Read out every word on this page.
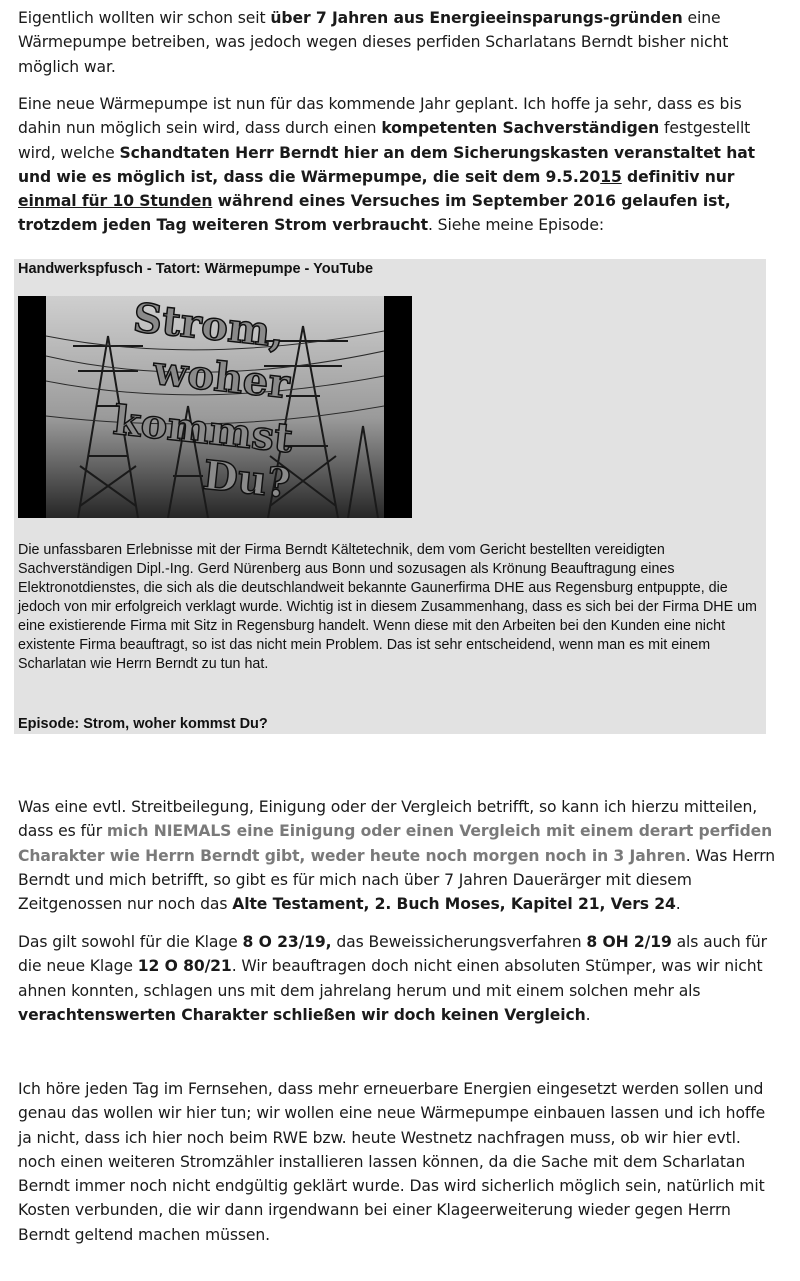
Eigentlich wollten wir schon seit über 7 Jahren aus Energieeinsparungs-gründen eine Wärmepumpe betreiben, was jedoch wegen dieses perfiden Scharlatans Berndt bisher nicht möglich war.

Eine neue Wärmepumpe ist nun für das kommende Jahr geplant. Ich hoffe ja sehr, dass es bis dahin nun möglich sein wird, dass durch einen kompetenten Sachverständigen festgestellt wird, welche Schandtaten Herr Berndt hier an dem Sicherungskasten veranstaltet hat und wie es möglich ist, dass die Wärmepumpe, die seit dem 9.5.2015 definitiv nur einmal für 10 Stunden während eines Versuches im September 2016 gelaufen ist, trotzdem jeden Tag weiteren Strom verbraucht. Siehe meine Episode:

Handwerkspfusch - Tatort: Wärmepumpe - YouTube
Strom,
woher
kommst
Du?

Die unfassbaren Erlebnisse mit der Firma Berndt Kältetechnik, dem vom Gericht bestellten vereidigten Sachverständigen Dipl.-Ing. Gerd Nürenberg aus Bonn und sozusagen als Krönung Beauftragung eines Elektronotdienstes, die sich als die deutschlandweit bekannte Gaunerfirma DHE aus Regensburg entpuppte, die jedoch von mir erfolgreich verklagt wurde. Wichtig ist in diesem Zusammenhang, dass es sich bei der Firma DHE um eine existierende Firma mit Sitz in Regensburg handelt. Wenn diese mit den Arbeiten bei den Kunden eine nicht existente Firma beauftragt, so ist das nicht mein Problem. Das ist sehr entscheidend, wenn man es mit einem Scharlatan wie Herrn Berndt zu tun hat.

Episode: Strom, woher kommst Du?

Was eine evtl. Streitbeilegung, Einigung oder der Vergleich betrifft, so kann ich hierzu mitteilen, dass es für mich NIEMALS eine Einigung oder einen Vergleich mit einem derart perfiden Charakter wie Herrn Berndt gibt, weder heute noch morgen noch in 3 Jahren. Was Herrn Berndt und mich betrifft, so gibt es für mich nach über 7 Jahren Dauerärger mit diesem Zeitgenossen nur noch das Alte Testament, 2. Buch Moses, Kapitel 21, Vers 24.

Das gilt sowohl für die Klage 8 O 23/19, das Beweissicherungsverfahren 8 OH 2/19 als auch für die neue Klage 12 O 80/21. Wir beauftragen doch nicht einen absoluten Stümper, was wir nicht ahnen konnten, schlagen uns mit dem jahrelang herum und mit einem solchen mehr als verachtenswerten Charakter schließen wir doch keinen Vergleich.

Ich höre jeden Tag im Fernsehen, dass mehr erneuerbare Energien eingesetzt werden sollen und genau das wollen wir hier tun; wir wollen eine neue Wärmepumpe einbauen lassen und ich hoffe ja nicht, dass ich hier noch beim RWE bzw. heute Westnetz nachfragen muss, ob wir hier evtl. noch einen weiteren Stromzähler installieren lassen können, da die Sache mit dem Scharlatan Berndt immer noch nicht endgültig geklärt wurde. Das wird sicherlich möglich sein, natürlich mit Kosten verbunden, die wir dann irgendwann bei einer Klageerweiterung wieder gegen Herrn Berndt geltend machen müssen.
